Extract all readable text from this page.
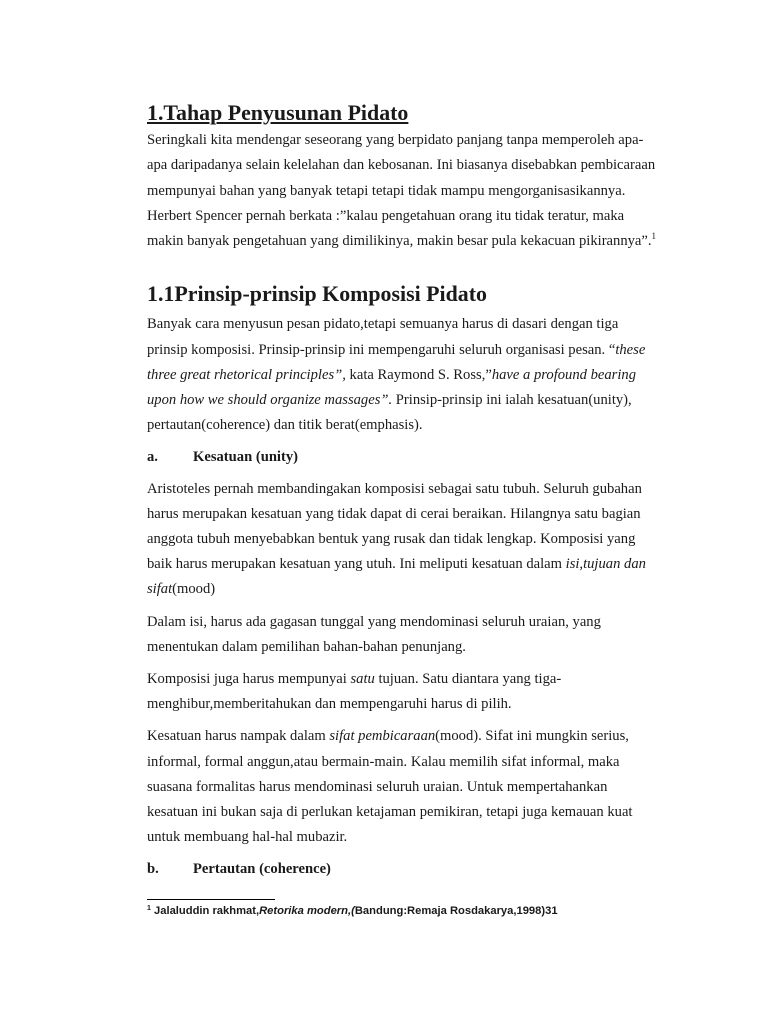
1.Tahap Penyusunan Pidato

Seringkali kita mendengar seseorang yang berpidato panjang tanpa memperoleh apa-apa daripadanya selain kelelahan dan kebosanan. Ini biasanya disebabkan pembicaraan mempunyai bahan yang banyak tetapi tetapi tidak mampu mengorganisasikannya. Herbert Spencer pernah berkata :”kalau pengetahuan orang itu tidak teratur, maka makin banyak pengetahuan yang dimilikinya, makin besar pula kekacuan pikirannya”.$^1$

1.1Prinsip-prinsip Komposisi Pidato

Banyak cara menyusun pesan pidato,tetapi semuanya harus di dasari dengan tiga prinsip komposisi. Prinsip-prinsip ini mempengaruhi seluruh organisasi pesan. “these three great rhetorical principles”, kata Raymond S. Ross,”have a profound bearing upon how we should organize massages”. Prinsip-prinsip ini ialah kesatuan(unity), pertautan(coherence) dan titik berat(emphasis).

a. Kesatuan (unity)

Aristoteles pernah membandingakan komposisi sebagai satu tubuh. Seluruh gubahan harus merupakan kesatuan yang tidak dapat di cerai beraikan. Hilangnya satu bagian anggota tubuh menyebabkan bentuk yang rusak dan tidak lengkap. Komposisi yang baik harus merupakan kesatuan yang utuh. Ini meliputi kesatuan dalam isi,tujuan dan sifat(mood)

Dalam isi, harus ada gagasan tunggal yang mendominasi seluruh uraian, yang menentukan dalam pemilihan bahan-bahan penunjang.

Komposisi juga harus mempunyai satu tujuan. Satu diantara yang tiga-menghibur,memberitahukan dan mempengaruhi harus di pilih.

Kesatuan harus nampak dalam sifat pembicaraan(mood). Sifat ini mungkin serius, informal, formal anggun,atau bermain-main. Kalau memilih sifat informal, maka suasana formalitas harus mendominasi seluruh uraian. Untuk mempertahankan kesatuan ini bukan saja di perlukan ketajaman pemikiran, tetapi juga kemauan kuat untuk membuang hal-hal mubazir.

b. Pertautan (coherence)
$^1$ Jalaluddin rakhmat,Retorika modern,(Bandung:Remaja Rosdakarya,1998)31
